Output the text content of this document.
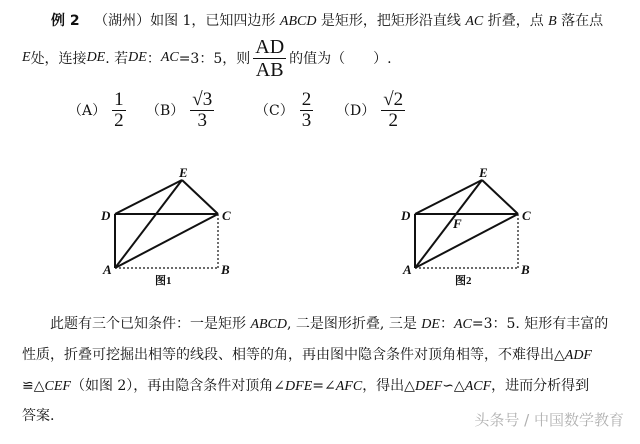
例 2 （湖州）如图 1，已知四边形 ABCD 是矩形，把矩形沿直线 AC 折叠，点 B 落在点
E 处，连接 DE . 若 DE ： AC =3：5，则 $\frac{AD}{AB}$ 的值为（　　）.
$(A) \frac{1}{2} (B) \frac{√3}{3}$	$(C) \frac{2}{3} (D) \frac{√2}{2}$
A	B
C
D
E
图1
A	B
C
D
E
F
图2
此题有三个已知条件：一是矩形 ABCD, 二是图形折叠, 三是 DE：AC=3：5. 矩形有丰富的
性质，折叠可挖掘出相等的线段、相等的角，再由图中隐含条件对顶角相等，不难得出△ADF
≌△CEF（如图 2），再由隐含条件对顶角∠DFE=∠AFC，得出△DEF∽△ACF，进而分析得到
答案.	头条号 / 中国数学教育
